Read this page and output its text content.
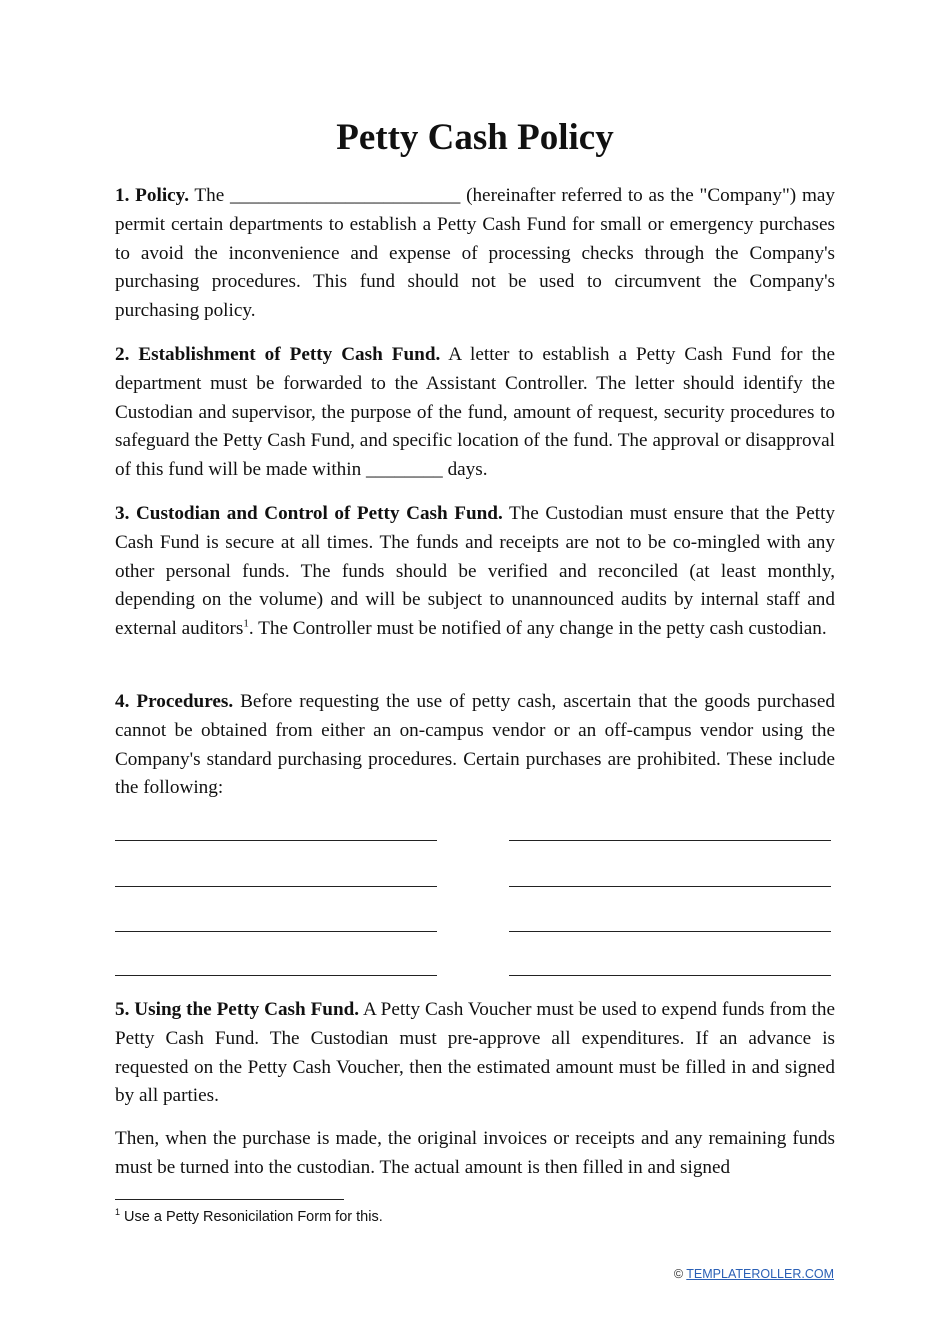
Petty Cash Policy

1. Policy. The ________________________ (hereinafter referred to as the "Company") may permit certain departments to establish a Petty Cash Fund for small or emergency purchases to avoid the inconvenience and expense of processing checks through the Company's purchasing procedures. This fund should not be used to circumvent the Company's purchasing policy.

2. Establishment of Petty Cash Fund. A letter to establish a Petty Cash Fund for the department must be forwarded to the Assistant Controller. The letter should identify the Custodian and supervisor, the purpose of the fund, amount of request, security procedures to safeguard the Petty Cash Fund, and specific location of the fund. The approval or disapproval of this fund will be made within ________ days.

3. Custodian and Control of Petty Cash Fund. The Custodian must ensure that the Petty Cash Fund is secure at all times. The funds and receipts are not to be co-mingled with any other personal funds. The funds should be verified and reconciled (at least monthly, depending on the volume) and will be subject to unannounced audits by internal staff and external auditors$^1$. The Controller must be notified of any change in the petty cash custodian.

4. Procedures. Before requesting the use of petty cash, ascertain that the goods purchased cannot be obtained from either an on-campus vendor or an off-campus vendor using the Company's standard purchasing procedures. Certain purchases are prohibited. These include the following:

5. Using the Petty Cash Fund. A Petty Cash Voucher must be used to expend funds from the Petty Cash Fund. The Custodian must pre-approve all expenditures. If an advance is requested on the Petty Cash Voucher, then the estimated amount must be filled in and signed by all parties.

Then, when the purchase is made, the original invoices or receipts and any remaining funds must be turned into the custodian. The actual amount is then filled in and signed

$^1$ Use a Petty Resonicilation Form for this.
© TEMPLATEROLLER.COM
